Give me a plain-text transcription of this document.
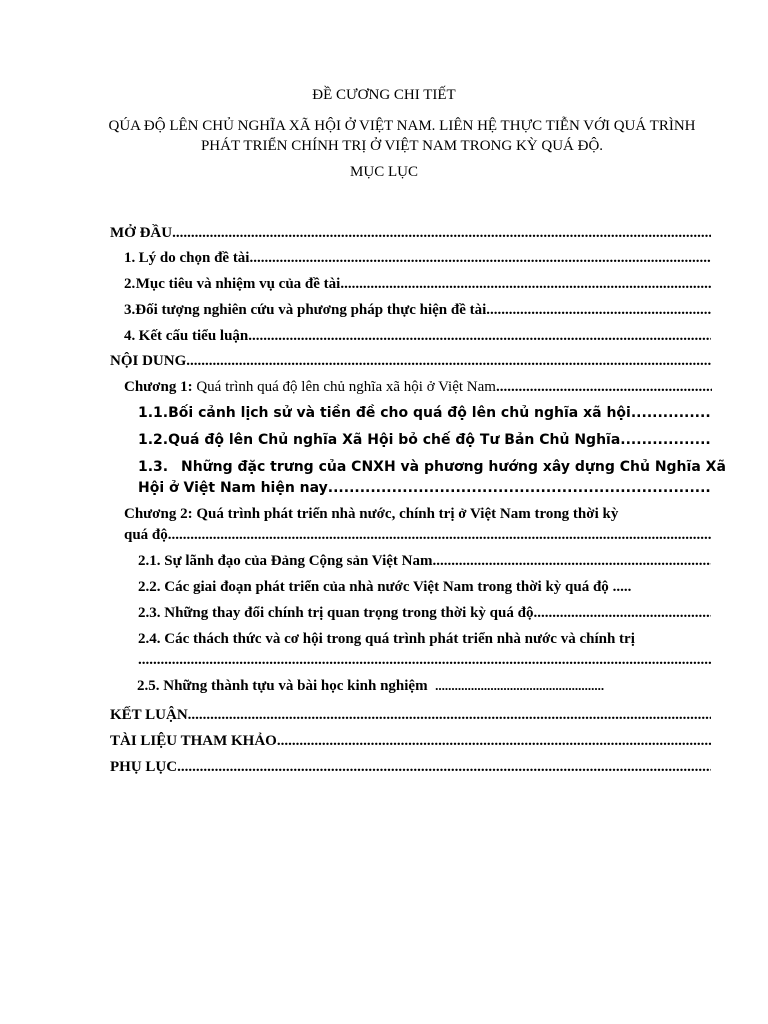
ĐỀ CƯƠNG CHI TIẾT
QÚA ĐỘ LÊN CHỦ NGHĨA XÃ HỘI Ở VIỆT NAM. LIÊN HỆ THỰC TIỄN VỚI QUÁ TRÌNH PHÁT TRIỂN CHÍNH TRỊ Ở VIỆT NAM TRONG KỲ QUÁ ĐỘ.
MỤC LỤC
MỞ ĐẦU
.....
1. Lý do chọn đề tài
.....
2. Mục tiêu và nhiệm vụ của đề tài
.....
3. Đối tượng nghiên cứu và phương pháp thực hiện đề tài
.....
4. Kết cấu tiểu luận
.....
NỘI DUNG
.....
Chương 1:
Quá trình quá độ lên chủ nghĩa xã hội ở Việt Nam
.....
1.1. Bối cảnh lịch sử và tiền đề cho quá độ lên chủ nghĩa xã hội
.....
1.2. Quá độ lên Chủ nghĩa Xã Hội bỏ chế độ Tư Bản Chủ Nghĩa
.....
1.3. Những đặc trưng của CNXH và phương hướng xây dựng Chủ Nghĩa Xã
Hội ở Việt Nam hiện nay
.....
Chương 2: Quá trình phát triển nhà nước, chính trị ở Việt Nam trong thời kỳ
quá độ
.....
2.1. Sự lãnh đạo của Đảng Cộng sản Việt Nam
.....
2.2. Các giai đoạn phát triển của nhà nước Việt Nam trong thời kỳ quá độ .....
2.3. Những thay đổi chính trị quan trọng trong thời kỳ quá độ
.....
2.4. Các thách thức và cơ hội trong quá trình phát triển nhà nước và chính trị
.....
2.5. Những thành tựu và bài học kinh nghiệm ....................................................
KẾT LUẬN
.....
TÀI LIỆU THAM KHẢO
.....
PHỤ LỤC
.....
